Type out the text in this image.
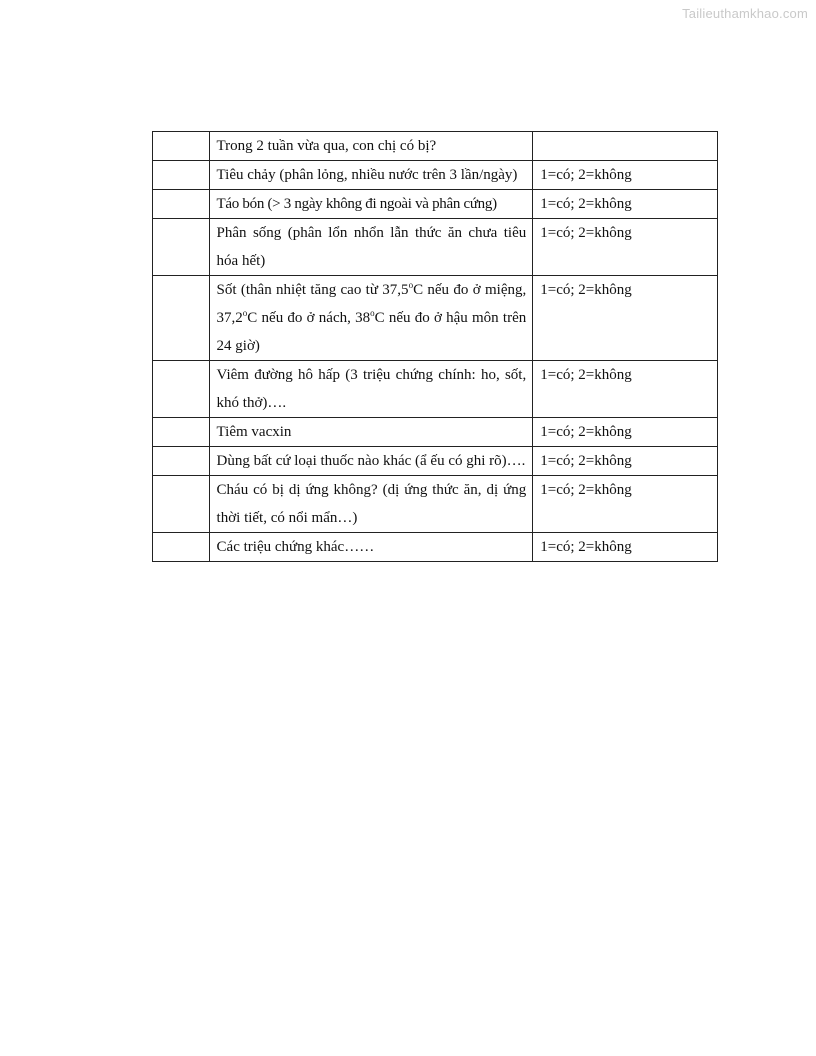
Tailieuthamkhao.com
	Trong 2 tuần vừa qua, con chị có bị?	
	Tiêu chảy (phân lỏng, nhiều nước trên 3 lần/ngày)	1=có; 2=không
	Táo bón (> 3 ngày không đi ngoài và phân cứng)	1=có; 2=không
	Phân sống (phân lổn nhổn lẫn thức ăn chưa tiêu hóa hết)	1=có; 2=không
	Sốt (thân nhiệt tăng cao từ 37,5$^o$C nếu đo ở miệng, 37,2$^o$C nếu đo ở nách, 38$^o$C nếu đo ở hậu môn trên 24 giờ)	1=có; 2=không
	Viêm đường hô hấp (3 triệu chứng chính: ho, sốt, khó thở)….	1=có; 2=không
	Tiêm vacxin	1=có; 2=không
	Dùng bất cứ loại thuốc nào khác (ẩ ếu có ghi rõ)….	1=có; 2=không
	Cháu có bị dị ứng không? (dị ứng thức ăn, dị ứng thời tiết, có nổi mẩn…)	1=có; 2=không
	Các triệu chứng khác……	1=có; 2=không
